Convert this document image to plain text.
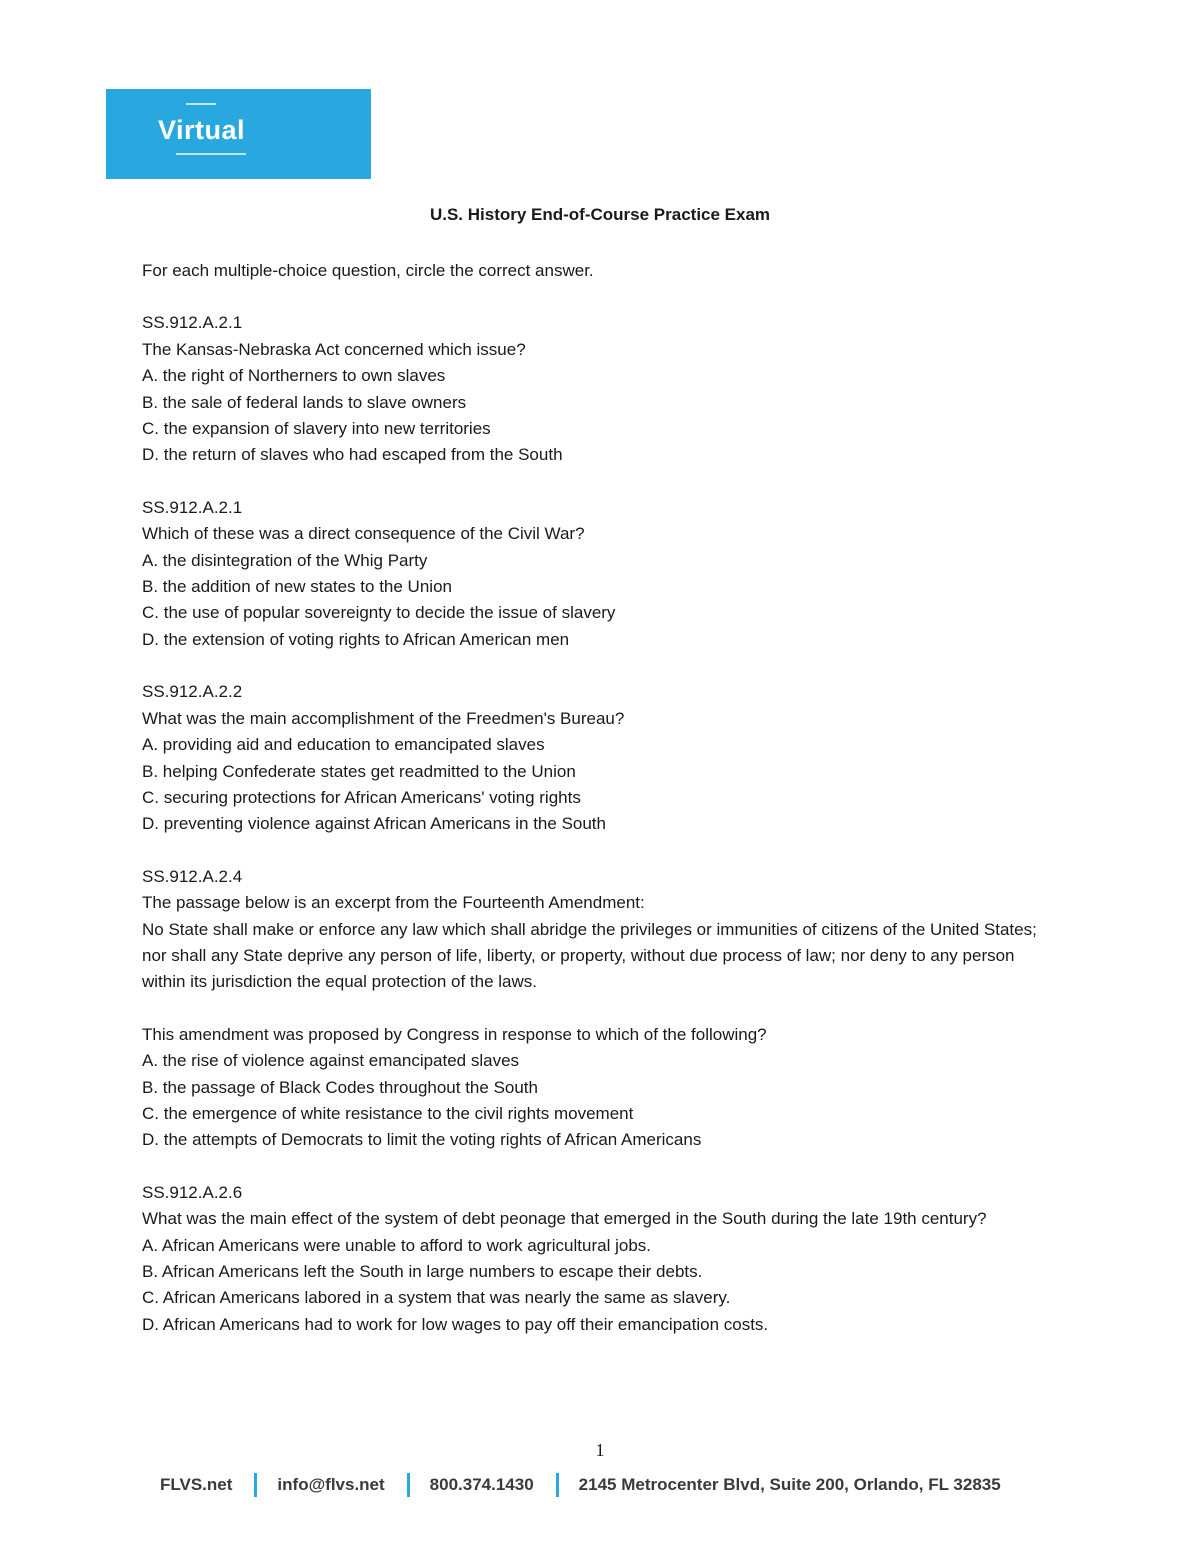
Virtual
U.S. History End-of-Course Practice Exam

For each multiple-choice question, circle the correct answer.

SS.912.A.2.1

The Kansas-Nebraska Act concerned which issue?

A. the right of Northerners to own slaves

B. the sale of federal lands to slave owners

C. the expansion of slavery into new territories

D. the return of slaves who had escaped from the South

SS.912.A.2.1

Which of these was a direct consequence of the Civil War?

A. the disintegration of the Whig Party

B. the addition of new states to the Union

C. the use of popular sovereignty to decide the issue of slavery

D. the extension of voting rights to African American men

SS.912.A.2.2

What was the main accomplishment of the Freedmen's Bureau?

A. providing aid and education to emancipated slaves

B. helping Confederate states get readmitted to the Union

C. securing protections for African Americans' voting rights

D. preventing violence against African Americans in the South

SS.912.A.2.4

The passage below is an excerpt from the Fourteenth Amendment:

No State shall make or enforce any law which shall abridge the privileges or immunities of citizens of the United States; nor shall any State deprive any person of life, liberty, or property, without due process of law; nor deny to any person within its jurisdiction the equal protection of the laws.

This amendment was proposed by Congress in response to which of the following?

A. the rise of violence against emancipated slaves

B. the passage of Black Codes throughout the South

C. the emergence of white resistance to the civil rights movement

D. the attempts of Democrats to limit the voting rights of African Americans

SS.912.A.2.6

What was the main effect of the system of debt peonage that emerged in the South during the late 19th century?

A. African Americans were unable to afford to work agricultural jobs.

B. African Americans left the South in large numbers to escape their debts.

C. African Americans labored in a system that was nearly the same as slavery.

D. African Americans had to work for low wages to pay off their emancipation costs.

1
FLVS.net	info@flvs.net	800.374.1430	2145 Metrocenter Blvd, Suite 200, Orlando, FL 32835
